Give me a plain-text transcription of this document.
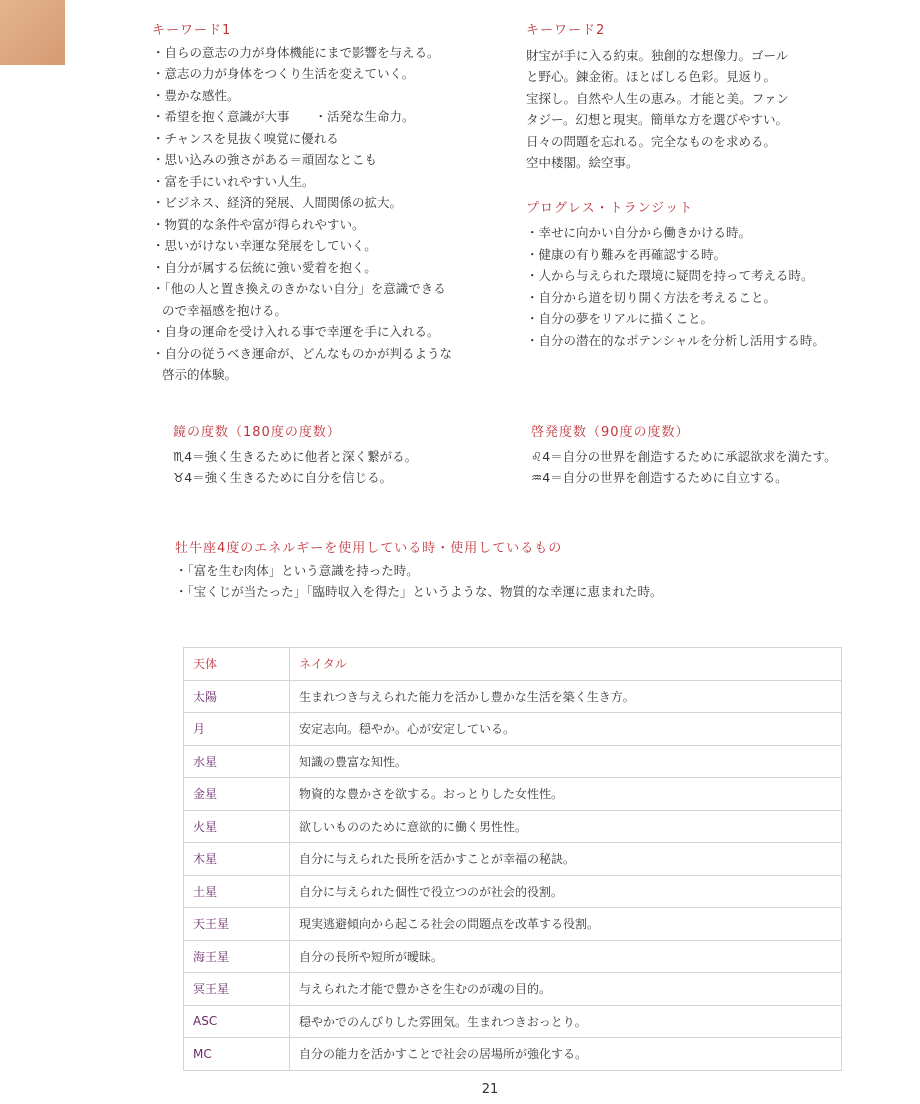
キーワード1
・自らの意志の力が身体機能にまで影響を与える。
・意志の力が身体をつくり生活を変えていく。
・豊かな感性。
・希望を抱く意識が大事　　・活発な生命力。
・チャンスを見抜く嗅覚に優れる
・思い込みの強さがある＝頑固なとこも
・富を手にいれやすい人生。
・ビジネス、経済的発展、人間関係の拡大。
・物質的な条件や富が得られやすい。
・思いがけない幸運な発展をしていく。
・自分が属する伝統に強い愛着を抱く。
・「他の人と置き換えのきかない自分」を意識できる
ので幸福感を抱ける。
・自身の運命を受け入れる事で幸運を手に入れる。
・自分の従うべき運命が、どんなものかが判るような
啓示的体験。
キーワード2
財宝が手に入る約束。独創的な想像力。ゴール
と野心。錬金術。ほとばしる色彩。見返り。
宝探し。自然や人生の恵み。才能と美。ファン
タジー。幻想と現実。簡単な方を選びやすい。
日々の問題を忘れる。完全なものを求める。
空中楼閣。絵空事。
プログレス・トランジット
・幸せに向かい自分から働きかける時。
・健康の有り難みを再確認する時。
・人から与えられた環境に疑問を持って考える時。
・自分から道を切り開く方法を考えること。
・自分の夢をリアルに描くこと。
・自分の潜在的なポテンシャルを分析し活用する時。
鏡の度数（180度の度数）
♏4＝強く生きるために他者と深く繋がる。
♉4＝強く生きるために自分を信じる。
啓発度数（90度の度数）
♌4＝自分の世界を創造するために承認欲求を満たす。
♒4＝自分の世界を創造するために自立する。
牡牛座4度のエネルギーを使用している時・使用しているもの
・「富を生む肉体」という意識を持った時。
・「宝くじが当たった」「臨時収入を得た」というような、物質的な幸運に恵まれた時。
天体	ネイタル
太陽	生まれつき与えられた能力を活かし豊かな生活を築く生き方。
月	安定志向。穏やか。心が安定している。
水星	知識の豊富な知性。
金星	物資的な豊かさを欲する。おっとりした女性性。
火星	欲しいもののために意欲的に働く男性性。
木星	自分に与えられた長所を活かすことが幸福の秘訣。
土星	自分に与えられた個性で役立つのが社会的役割。
天王星	現実逃避傾向から起こる社会の問題点を改革する役割。
海王星	自分の長所や短所が曖昧。
冥王星	与えられた才能で豊かさを生むのが魂の目的。
ASC	穏やかでのんびりした雰囲気。生まれつきおっとり。
MC	自分の能力を活かすことで社会の居場所が強化する。
21
